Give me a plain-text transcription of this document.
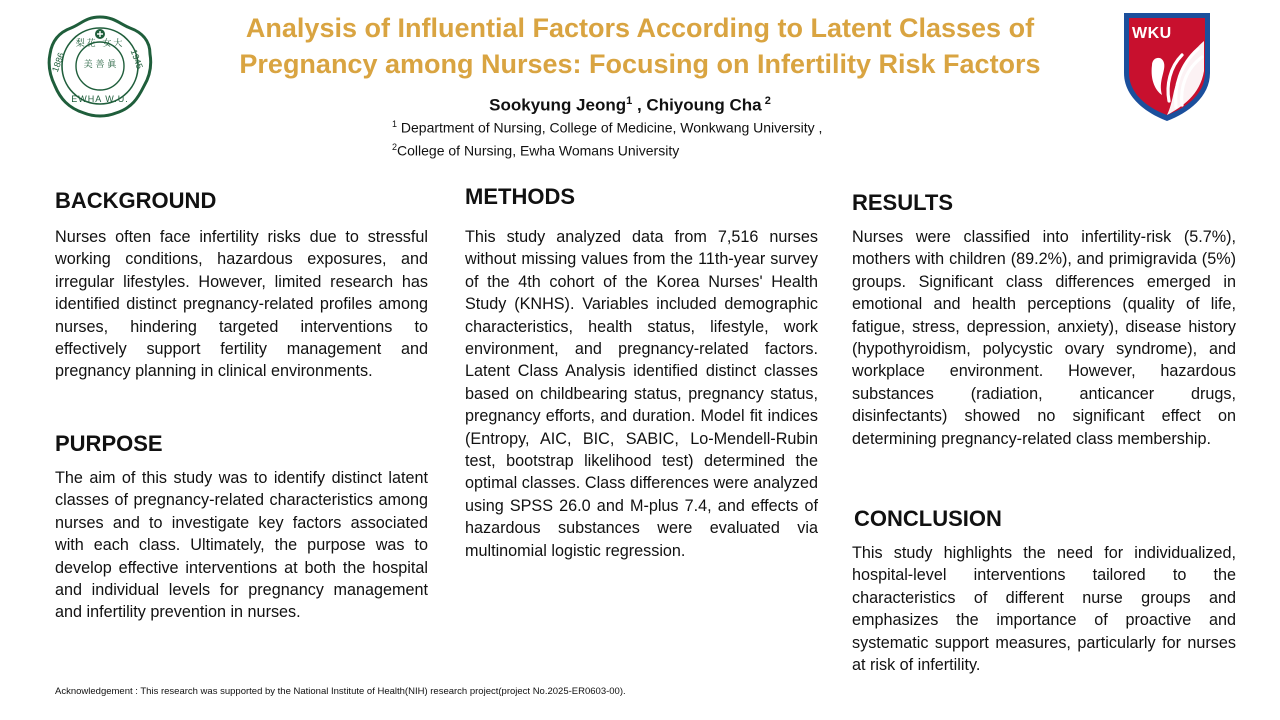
梨花 女大
1886	1945
美 善 眞
EWHA W.U.
WKU
Analysis of Influential Factors According to Latent Classes of
Pregnancy among Nurses: Focusing on Infertility Risk Factors
Sookyung Jeong$^1$ , Chiyoung Cha $^2$
$^1$ Department of Nursing, College of Medicine, Wonkwang University ,
$^2$College of Nursing, Ewha Womans University
BACKGROUND
Nurses often face infertility risks due to stressful working conditions, hazardous exposures, and irregular lifestyles. However, limited research has identified distinct pregnancy-related profiles among nurses, hindering targeted interventions to effectively support fertility management and pregnancy planning in clinical environments.
PURPOSE
The aim of this study was to identify distinct latent classes of pregnancy-related characteristics among nurses and to investigate key factors associated with each class. Ultimately, the purpose was to develop effective interventions at both the hospital and individual levels for pregnancy management and infertility prevention in nurses.
METHODS
This study analyzed data from 7,516 nurses without missing values from the 11th-year survey of the 4th cohort of the Korea Nurses' Health Study (KNHS). Variables included demographic characteristics, health status, lifestyle, work environment, and pregnancy-related factors. Latent Class Analysis identified distinct classes based on childbearing status, pregnancy status, pregnancy efforts, and duration. Model fit indices (Entropy, AIC, BIC, SABIC, Lo-Mendell-Rubin test, bootstrap likelihood test) determined the optimal classes. Class differences were analyzed using SPSS 26.0 and M-plus 7.4, and effects of hazardous substances were evaluated via multinomial logistic regression.
RESULTS
Nurses were classified into infertility-risk (5.7%), mothers with children (89.2%), and primigravida (5%) groups. Significant class differences emerged in emotional and health perceptions (quality of life, fatigue, stress, depression, anxiety), disease history (hypothyroidism, polycystic ovary syndrome), and workplace environment. However, hazardous substances (radiation, anticancer drugs, disinfectants) showed no significant effect on determining pregnancy-related class membership.
CONCLUSION
This study highlights the need for individualized, hospital-level interventions tailored to the characteristics of different nurse groups and emphasizes the importance of proactive and systematic support measures, particularly for nurses at risk of infertility.
Acknowledgement : This research was supported by the National Institute of Health(NIH) research project(project No.2025-ER0603-00).
